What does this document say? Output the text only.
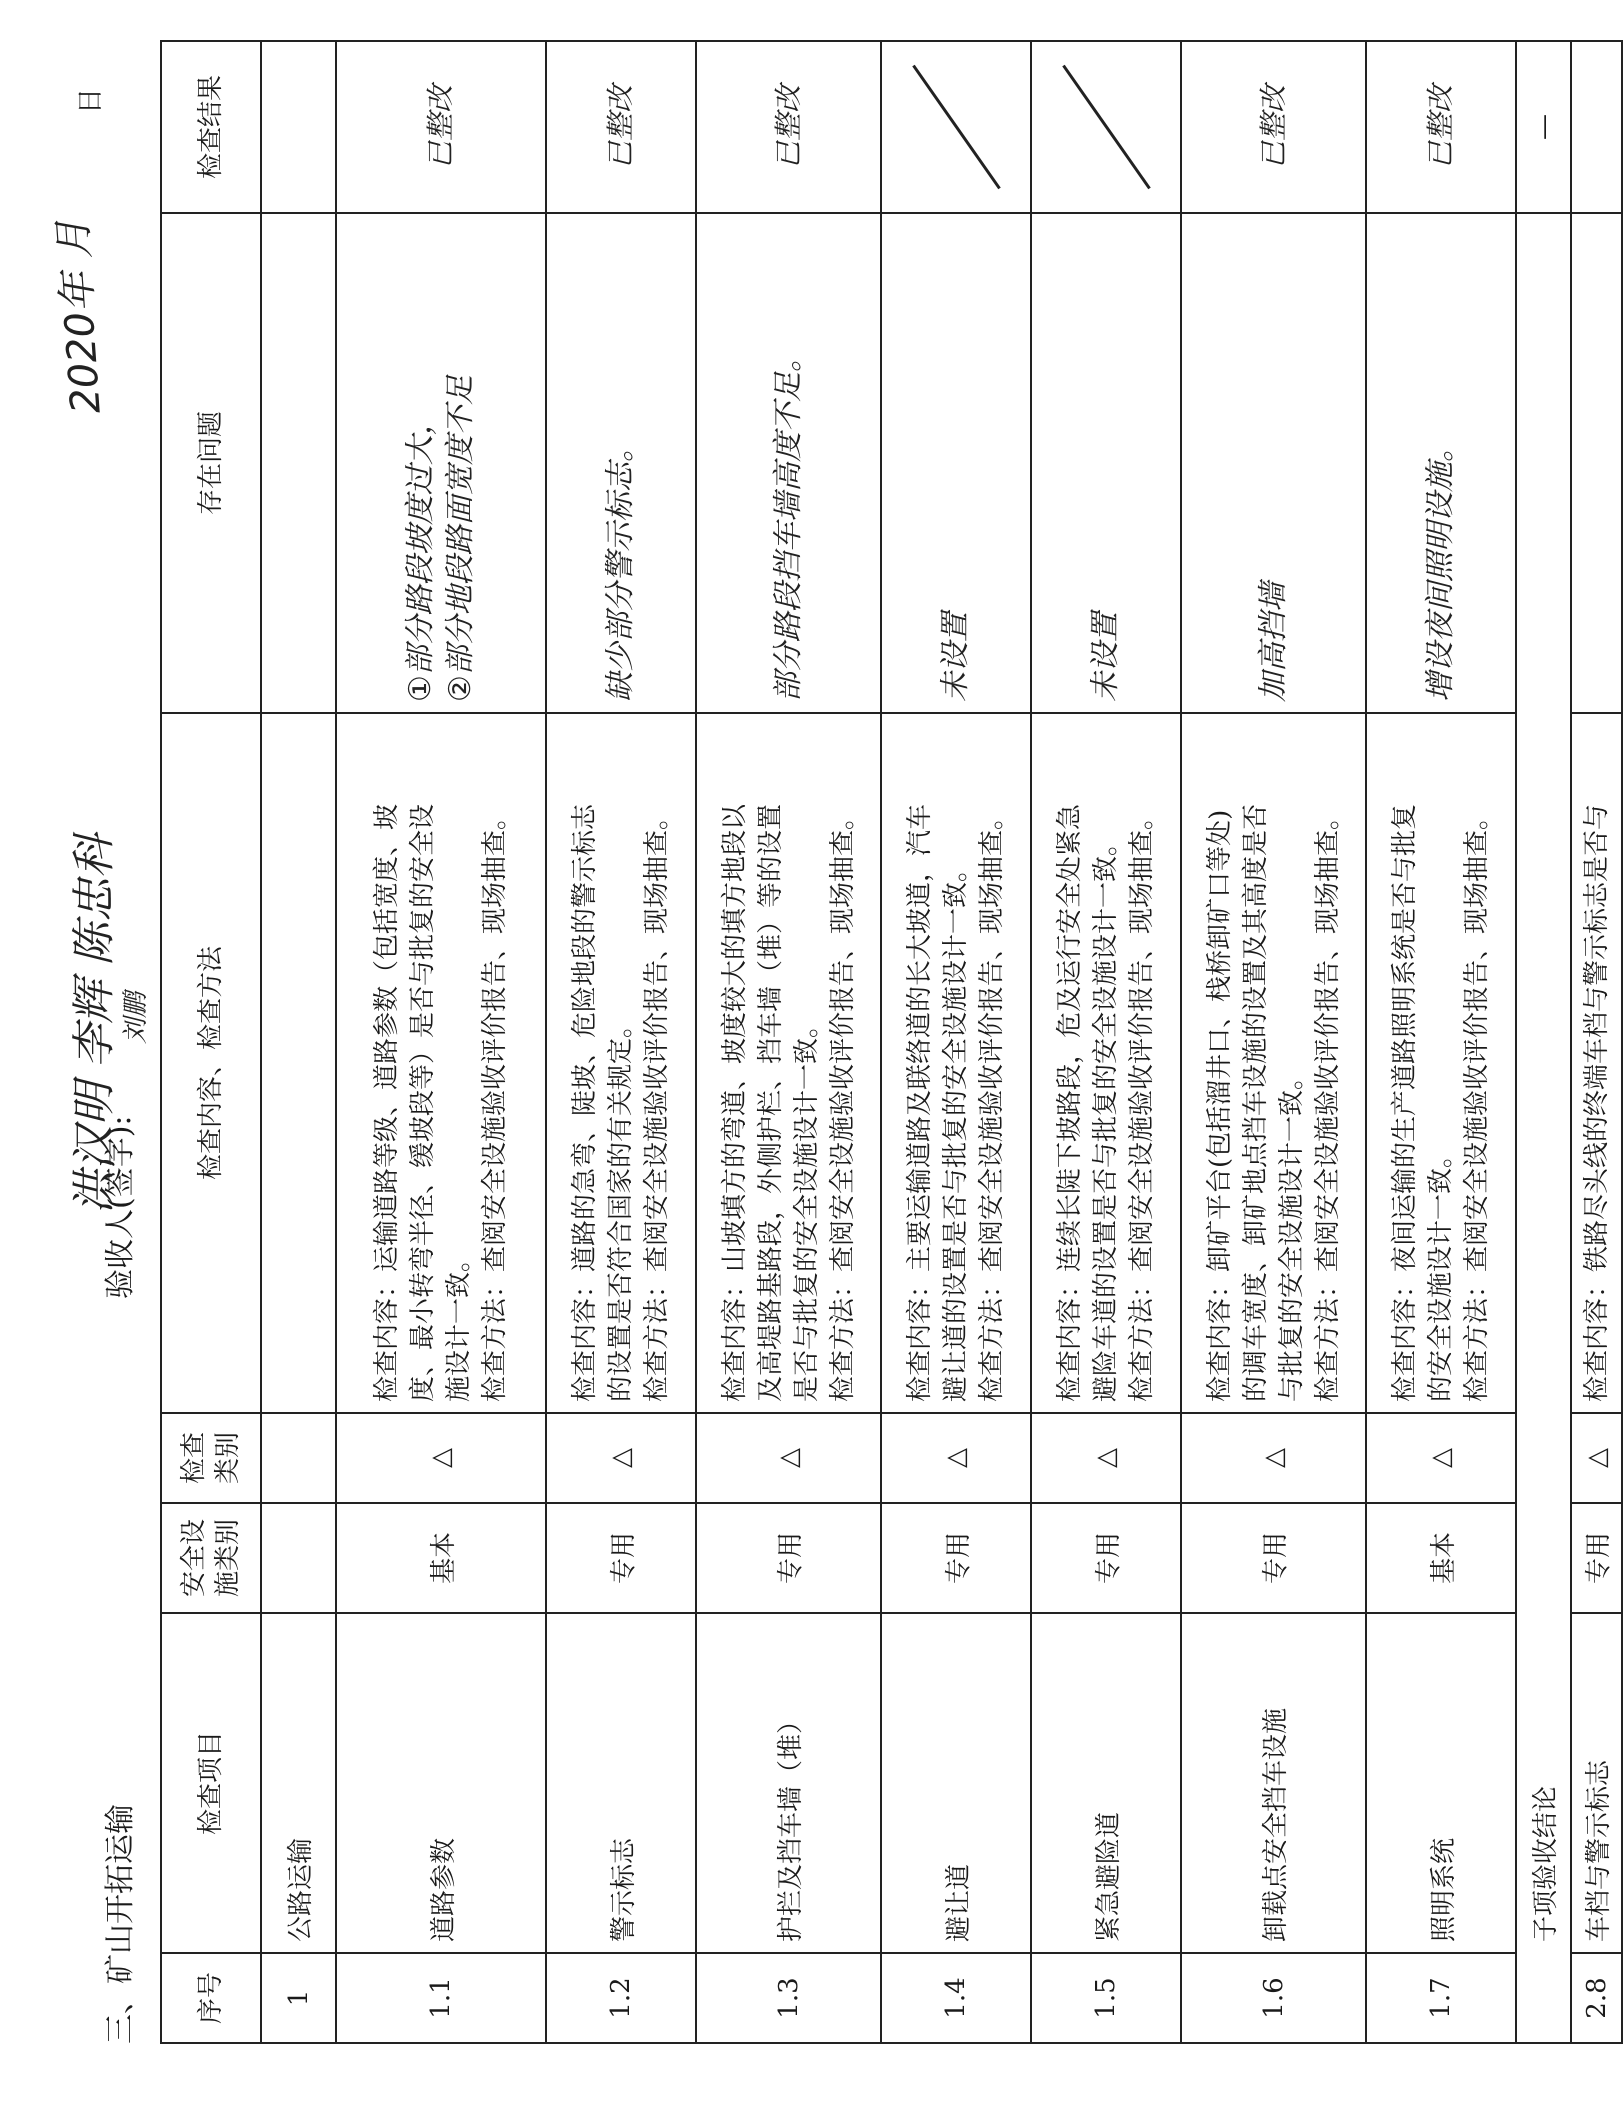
三、矿山开拓运输
验收人(签字):
洪汉明 李辉 陈忠科 刘鹏
2020年 月
日
序号	检查项目	安全设施类别	检查类别	检查内容、检查方法	存在问题	检查结果
1	公路运输					
1.1	道路参数	基本	△	检查内容：运输道路等级、道路参数（包括宽度、坡 度、最小转弯半径、缓坡段等）是否与批复的安全设 施设计一致。 检查方法：查阅安全设施验收评价报告、现场抽查。	①部分路段坡度过大， ②部分地段路面宽度不足	已整改
1.2	警示标志	专用	△	检查内容：道路的急弯、陡坡、危险地段的警示标志 的设置是否符合国家的有关规定。 检查方法：查阅安全设施验收评价报告、现场抽查。	缺少部分警示标志。	已整改
1.3	护拦及挡车墙（堆）	专用	△	检查内容：山坡填方的弯道、坡度较大的填方地段以 及高堤路基路段，外侧护栏、挡车墙（堆）等的设置 是否与批复的安全设施设计一致。 检查方法：查阅安全设施验收评价报告、现场抽查。	部分路段挡车墙高度不足。	已整改
1.4	避让道	专用	△	检查内容：主要运输道路及联络道的长大坡道，汽车 避让道的设置是否与批复的安全设施设计一致。 检查方法：查阅安全设施验收评价报告、现场抽查。	未设置	

1.5	紧急避险道	专用	△	检查内容：连续长陡下坡路段，危及运行安全处紧急 避险车道的设置是否与批复的安全设施设计一致。 检查方法：查阅安全设施验收评价报告、现场抽查。	未设置	

1.6	卸载点安全挡车设施	专用	△	检查内容：卸矿平台(包括溜井口、栈桥卸矿口等处) 的调车宽度、卸矿地点挡车设施的设置及其高度是否 与批复的安全设施设计一致。 检查方法：查阅安全设施验收评价报告、现场抽查。	加高挡墙	已整改
1.7	照明系统	基本	△	检查内容：夜间运输的生产道路照明系统是否与批复 的安全设施设计一致。 检查方法：查阅安全设施验收评价报告、现场抽查。	增设夜间照明设施。	已整改
子项验收结论						—
2.8	车档与警示标志	专用	△	检查内容：铁路尽头线的终端车档与警示标志是否与		
